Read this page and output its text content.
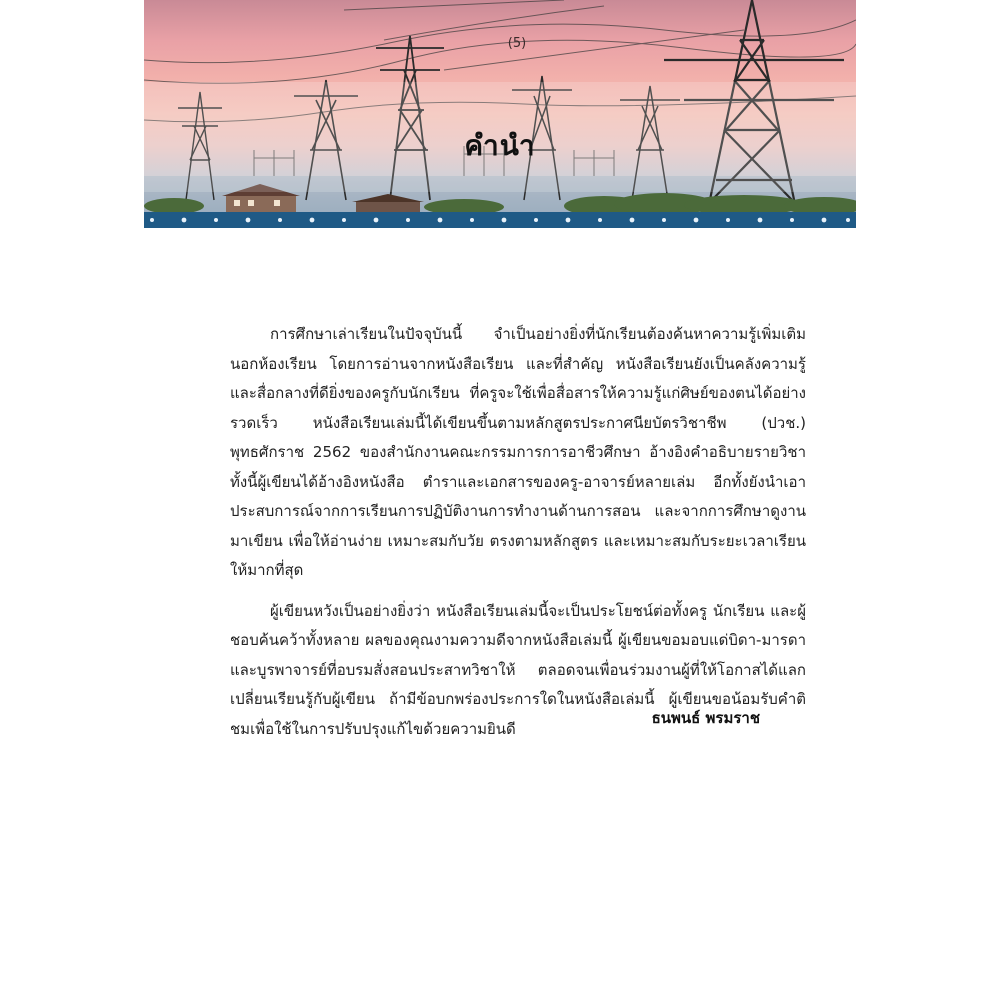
(5)
คำนำ

การศึกษาเล่าเรียนในปัจจุบันนี้ จำเป็นอย่างยิ่งที่นักเรียนต้องค้นหาความรู้เพิ่มเติมนอกห้องเรียน โดยการอ่านจากหนังสือเรียน และที่สำคัญ หนังสือเรียนยังเป็นคลังความรู้และสื่อกลางที่ดียิ่งของครูกับนักเรียน ที่ครูจะใช้เพื่อสื่อสารให้ความรู้แก่ศิษย์ของตนได้อย่างรวดเร็ว หนังสือเรียนเล่มนี้ได้เขียนขึ้นตามหลักสูตรประกาศนียบัตรวิชาชีพ (ปวช.) พุทธศักราช 2562 ของสำนักงานคณะกรรมการการอาชีวศึกษา อ้างอิงคำอธิบายรายวิชา ทั้งนี้ผู้เขียนได้อ้างอิงหนังสือ ตำราและเอกสารของครู-อาจารย์หลายเล่ม อีกทั้งยังนำเอาประสบการณ์จากการเรียนการปฏิบัติงานการทำงานด้านการสอน และจากการศึกษาดูงานมาเขียน เพื่อให้อ่านง่าย เหมาะสมกับวัย ตรงตามหลักสูตร และเหมาะสมกับระยะเวลาเรียนให้มากที่สุด

ผู้เขียนหวังเป็นอย่างยิ่งว่า หนังสือเรียนเล่มนี้จะเป็นประโยชน์ต่อทั้งครู นักเรียน และผู้ชอบค้นคว้าทั้งหลาย ผลของคุณงามความดีจากหนังสือเล่มนี้ ผู้เขียนขอมอบแด่บิดา-มารดาและบูรพาจารย์ที่อบรมสั่งสอนประสาทวิชาให้ ตลอดจนเพื่อนร่วมงานผู้ที่ให้โอกาสได้แลกเปลี่ยนเรียนรู้กับผู้เขียน ถ้ามีข้อบกพร่องประการใดในหนังสือเล่มนี้ ผู้เขียนขอน้อมรับคำติชมเพื่อใช้ในการปรับปรุงแก้ไขด้วยความยินดี

ธนพนธ์ พรมราช
